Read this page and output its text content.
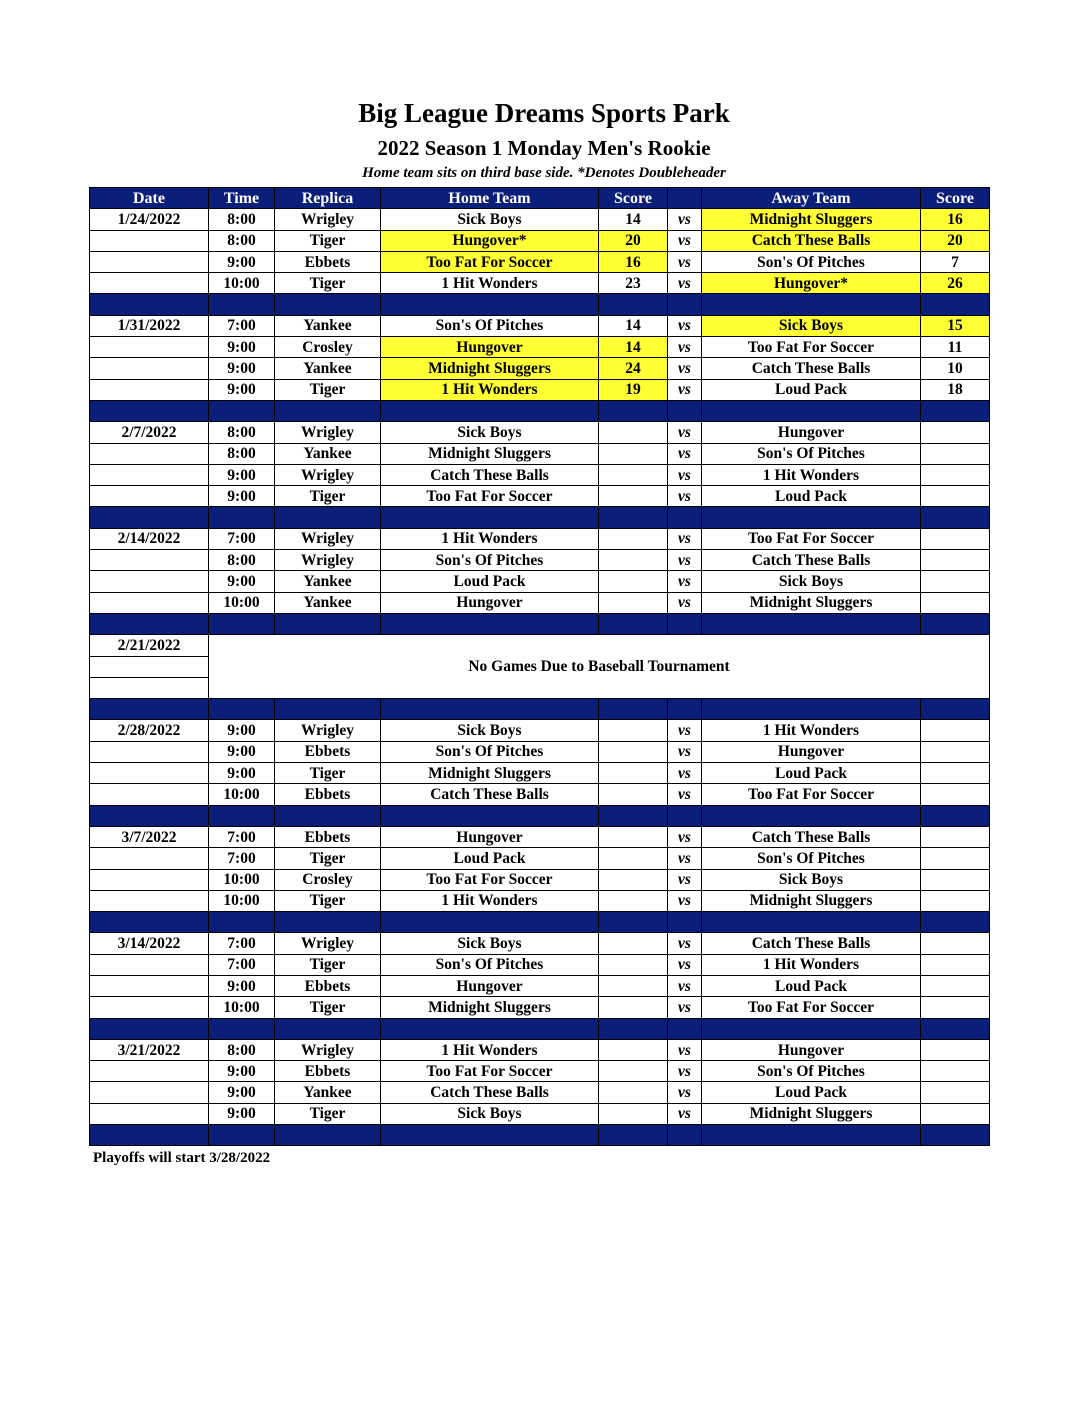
Big League Dreams Sports Park
2022 Season 1 Monday Men's Rookie
Home team sits on third base side. *Denotes Doubleheader
Date	Time	Replica	Home Team	Score		Away Team	Score
1/24/2022	8:00	Wrigley	Sick Boys	14	vs	Midnight Sluggers	16
	8:00	Tiger	Hungover*	20	vs	Catch These Balls	20
	9:00	Ebbets	Too Fat For Soccer	16	vs	Son's Of Pitches	7
	10:00	Tiger	1 Hit Wonders	23	vs	Hungover*	26

1/31/2022	7:00	Yankee	Son's Of Pitches	14	vs	Sick Boys	15
	9:00	Crosley	Hungover	14	vs	Too Fat For Soccer	11
	9:00	Yankee	Midnight Sluggers	24	vs	Catch These Balls	10
	9:00	Tiger	1 Hit Wonders	19	vs	Loud Pack	18

2/7/2022	8:00	Wrigley	Sick Boys		vs	Hungover	
	8:00	Yankee	Midnight Sluggers		vs	Son's Of Pitches	
	9:00	Wrigley	Catch These Balls		vs	1 Hit Wonders	
	9:00	Tiger	Too Fat For Soccer		vs	Loud Pack	

2/14/2022	7:00	Wrigley	1 Hit Wonders		vs	Too Fat For Soccer	
	8:00	Wrigley	Son's Of Pitches		vs	Catch These Balls	
	9:00	Yankee	Loud Pack		vs	Sick Boys	
	10:00	Yankee	Hungover		vs	Midnight Sluggers	

2/21/2022	No Games Due to Baseball Tournament						

2/28/2022	9:00	Wrigley	Sick Boys		vs	1 Hit Wonders	
	9:00	Ebbets	Son's Of Pitches		vs	Hungover	
	9:00	Tiger	Midnight Sluggers		vs	Loud Pack	
	10:00	Ebbets	Catch These Balls		vs	Too Fat For Soccer	

3/7/2022	7:00	Ebbets	Hungover		vs	Catch These Balls	
	7:00	Tiger	Loud Pack		vs	Son's Of Pitches	
	10:00	Crosley	Too Fat For Soccer		vs	Sick Boys	
	10:00	Tiger	1 Hit Wonders		vs	Midnight Sluggers	

3/14/2022	7:00	Wrigley	Sick Boys		vs	Catch These Balls	
	7:00	Tiger	Son's Of Pitches		vs	1 Hit Wonders	
	9:00	Ebbets	Hungover		vs	Loud Pack	
	10:00	Tiger	Midnight Sluggers		vs	Too Fat For Soccer	

3/21/2022	8:00	Wrigley	1 Hit Wonders		vs	Hungover	
	9:00	Ebbets	Too Fat For Soccer		vs	Son's Of Pitches	
	9:00	Yankee	Catch These Balls		vs	Loud Pack	
	9:00	Tiger	Sick Boys		vs	Midnight Sluggers	

Playoffs will start 3/28/2022
